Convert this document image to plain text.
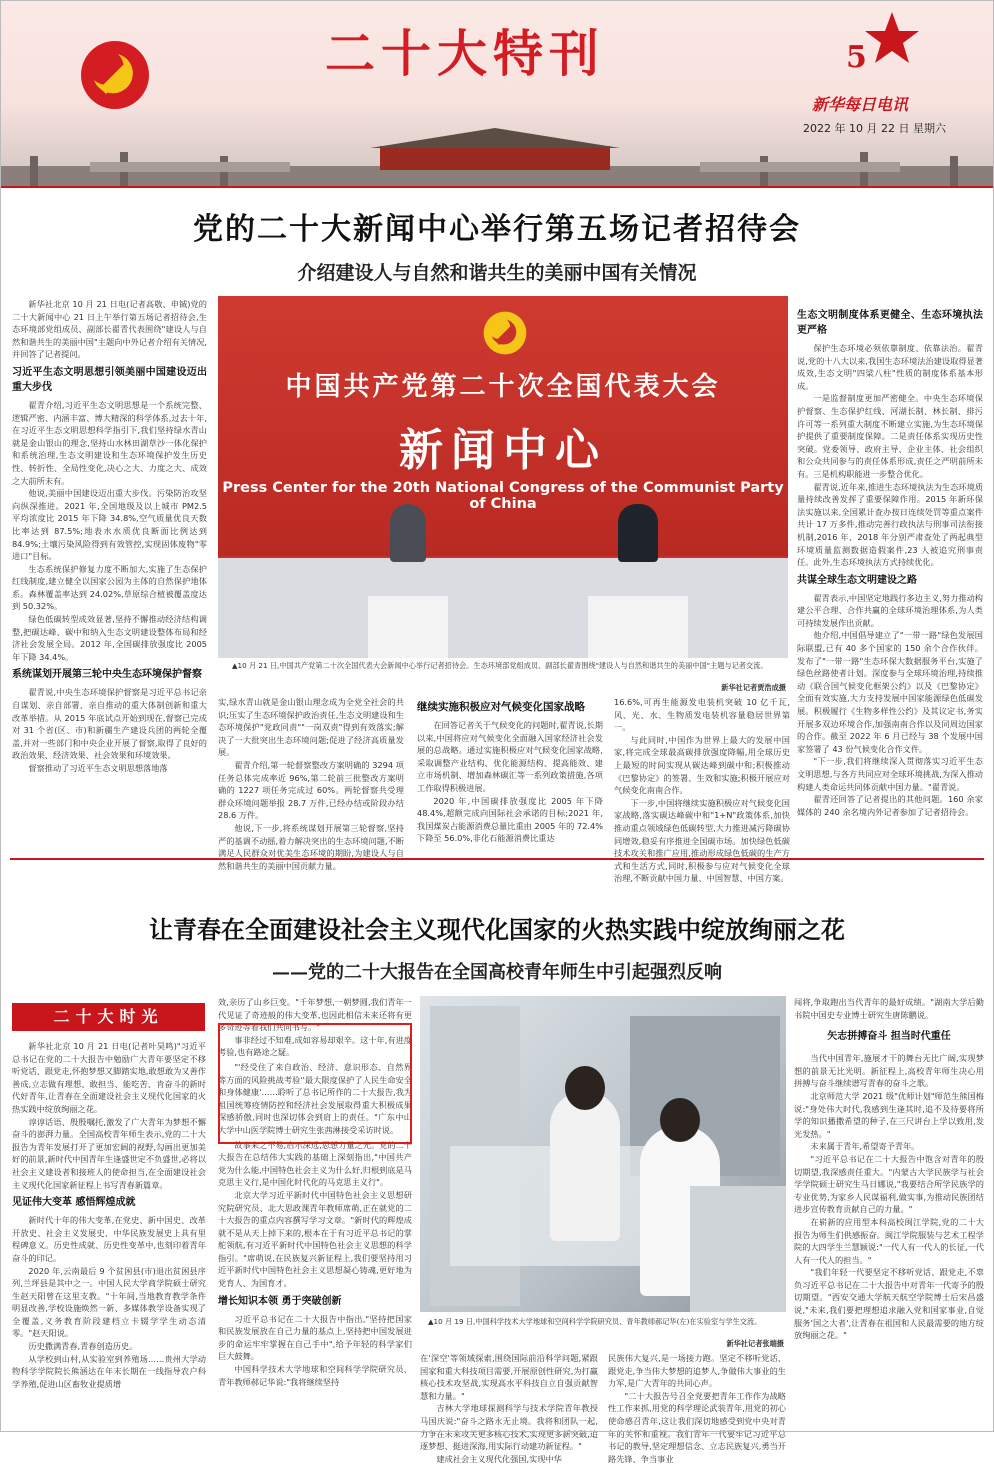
二十大特刊	5
新华每日电讯
2022 年 10 月 22 日 星期六
党的二十大新闻中心举行第五场记者招待会
介绍建设人与自然和谐共生的美丽中国有关情况

新华社北京 10 月 21 日电(记者高敬、申铖)党的二十大新闻中心 21 日上午举行第五场记者招待会,生态环境部党组成员、副部长翟青代表围绕"建设人与自然和谐共生的美丽中国"主题向中外记者介绍有关情况,并回答了记者提问。

习近平生态文明思想引领美丽中国建设迈出重大步伐

翟青介绍,习近平生态文明思想是一个系统完整、逻辑严密、内涵丰富、博大精深的科学体系,过去十年,在习近平生态文明思想科学指引下,我们坚持绿水青山就是金山银山的理念,坚持山水林田湖草沙一体化保护和系统治理,生态文明建设和生态环境保护发生历史性、转折性、全局性变化,决心之大、力度之大、成效之大前所未有。

他说,美丽中国建设迈出重大步伐。污染防治攻坚向纵深推进。2021 年,全国地级及以上城市 PM2.5 平均浓度比 2015 年下降 34.8%,空气质量优良天数比率达到 87.5%;地表水水质优良断面比例达到 84.9%;土壤污染风险得到有效管控,实现固体废物"零进口"目标。

生态系统保护修复力度不断加大,实施了生态保护红线制度,建立健全以国家公园为主体的自然保护地体系。森林覆盖率达到 24.02%,草原综合植被覆盖度达到 50.32%。

绿色低碳转型成效显著,坚持不懈推动经济结构调整,把碳达峰、碳中和纳入生态文明建设整体布局和经济社会发展全局。2012 年,全国碳排放强度比 2005 年下降 34.4%。

系统谋划开展第三轮中央生态环境保护督察

翟青说,中央生态环境保护督察是习近平总书记亲自谋划、亲自部署、亲自推动的重大体制创新和重大改革举措。从 2015 年底试点开始到现在,督察已完成对 31 个省(区、市)和新疆生产建设兵团的两轮全覆盖,并对一些部门和中央企业开展了督察,取得了良好的政治效果、经济效果、社会效果和环境效果。

督察推动了习近平生态文明思想落地落

中国共产党第二十次全国代表大会
新闻中心
Press Center for the 20th National Congress of the Communist Party of China
▲10 月 21 日,中国共产党第二十次全国代表大会新闻中心举行记者招待会。生态环境部党组成员、副部长翟青围绕"建设人与自然和谐共生的美丽中国"主题与记者交流。
新华社记者贾浩成摄

实,绿水青山就是金山银山理念成为全党全社会的共识;压实了生态环境保护政治责任,生态文明建设和生态环境保护"党政同责""一岗双责"得到有效落实;解决了一大批突出生态环境问题;促进了经济高质量发展。

翟青介绍,第一轮督察整改方案明确的 3294 项任务总体完成率近 96%,第二轮前三批整改方案明确的 1227 项任务完成过 60%。两轮督察共受理群众环境问题举报 28.7 万件,已经办结或阶段办结 28.6 万件。

他说,下一步,将系统谋划开展第三轮督察,坚持严的基调不动摇,着力解决突出的生态环境问题,不断满足人民群众对优美生态环境的期盼,为建设人与自然和谐共生的美丽中国贡献力量。

继续实施积极应对气候变化国家战略

在回答记者关于气候变化的问题时,翟青说,长期以来,中国将应对气候变化全面融入国家经济社会发展的总战略。通过实施积极应对气候变化国家战略,采取调整产业结构、优化能源结构、提高能效、建立市场机制、增加森林碳汇等一系列政策措施,各项工作取得积极进展。

2020 年,中国碳排放强度比 2005 年下降 48.4%,超额完成向国际社会承诺的目标;2021 年,我国煤炭占能源消费总量比重由 2005 年的 72.4% 下降至 56.0%,非化石能源消费比重达

16.6%,可再生能源发电装机突破 10 亿千瓦,风、光、水、生物质发电装机容量稳居世界第一。

与此同时,中国作为世界上最大的发展中国家,将完成全球最高碳排放强度降幅,用全球历史上最短的时间实现从碳达峰到碳中和;积极推动《巴黎协定》的签署、生效和实施;积极开展应对气候变化南南合作。

下一步,中国将继续实施积极应对气候变化国家战略,落实碳达峰碳中和"1+N"政策体系,加快推动重点领域绿色低碳转型,大力推进减污降碳协同增效,稳妥有序推进全国碳市场。加快绿色低碳技术攻关和推广应用,推动形成绿色低碳的生产方式和生活方式,同时,积极参与应对气候变化全球治理,不断贡献中国力量、中国智慧、中国方案。

生态文明制度体系更健全、生态环境执法更严格

保护生态环境必须依靠制度、依靠法治。翟青说,党的十八大以来,我国生态环境法治建设取得显著成效,生态文明"四梁八柱"性质的制度体系基本形成。

一是监督制度更加严密健全。中央生态环境保护督察、生态保护红线、河湖长制、林长制、排污许可等一系列重大制度不断建立实施,为生态环境保护提供了重要制度保障。二是责任体系实现历史性突破。党委领导、政府主导、企业主体、社会组织和公众共同参与的责任体系形成,责任之严明前所未有。三是机构职能进一步整合优化。

翟青说,近年来,推进生态环境执法为生态环境质量持续改善发挥了重要保障作用。2015 年新环保法实施以来,全国累计查办按日连续处罚等重点案件共计 17 万多件,推动完善行政执法与刑事司法衔接机制,2016 年、2018 年分别严肃查处了两起典型环境质量监测数据造假案件,23 人被追究刑事责任。此外,生态环境执法方式持续优化。

共谋全球生态文明建设之路

翟青表示,中国坚定地践行多边主义,努力推动构建公平合理、合作共赢的全球环境治理体系,为人类可持续发展作出贡献。

他介绍,中国倡导建立了"一带一路"绿色发展国际联盟,已有 40 多个国家的 150 余个合作伙伴。发布了"一带一路"生态环保大数据服务平台,实施了绿色丝路使者计划。深度参与全球环境治理,持续推动《联合国气候变化框架公约》以及《巴黎协定》全面有效实施,大力支持发展中国家能源绿色低碳发展。积极履行《生物多样性公约》及其议定书,务实开展多双边环境合作,加强南南合作以及同周边国家的合作。截至 2022 年 6 月已经与 38 个发展中国家签署了 43 份气候变化合作文件。

"下一步,我们将继续深入贯彻落实习近平生态文明思想,与各方共同应对全球环境挑战,为深入推动构建人类命运共同体贡献中国力量。"翟青说。

翟青还回答了记者提出的其他问题。160 余家媒体的 240 余名境内外记者参加了记者招待会。

让青春在全面建设社会主义现代化国家的火热实践中绽放绚丽之花
——党的二十大报告在全国高校青年师生中引起强烈反响
二十大时光

新华社北京 10 月 21 日电(记者叶昊鸣)"习近平总书记在党的二十大报告中勉励广大青年要坚定不移听党话、跟党走,怀抱梦想又脚踏实地,敢想敢为又善作善成,立志做有理想、敢担当、能吃苦、肯奋斗的新时代好青年,让青春在全面建设社会主义现代化国家的火热实践中绽放绚丽之花。

谆谆话语、殷殷嘱托,激发了广大青年为梦想不懈奋斗的澎湃力量。全国高校青年师生表示,党的二十大报告为青年发展打开了更加宏阔的视野,勾画出更加美好的前景,新时代中国青年生逢盛世定不负盛世,必将以社会主义建设者和接班人的使命担当,在全面建设社会主义现代化国家新征程上书写青春新篇章。

见证伟大变革 感悟辉煌成就

新时代十年的伟大变革,在党史、新中国史、改革开放史、社会主义发展史、中华民族发展史上具有里程碑意义。历史性成就、历史性变革中,也刻印着青年奋斗的印记。

2020 年,云南最后 9 个贫困县(市)退出贫困县序列,兰坪县是其中之一。中国人民大学商学院硕士研究生赵天阳曾在这里支教。"十年间,当地教育教学条件明显改善,学校设施焕然一新、多媒体教学设备实现了全覆盖,义务教育阶段建档立卡辍学学生动态清零。"赵天阳说。

历史撒满青春,青春创造历史。

从学校到山村,从实验室到养殖场……贵州大学动物科学学院院长熊涵达在年末长期在一线指导农户科学养殖,促进山区畜牧业提质增

效,亲历了山乡巨变。"千年梦想,一朝梦圆,我们青年一代见证了奇迹般的伟大变革,也因此相信未来还将有更多奇迹等着我们共同书写。"

事非经过不知难,成如容易却艰辛。这十年,有进度考验,也有路途之疑。

"'经受住了来自政治、经济、意识形态、自然界等方面的风险挑战考验''最大限度保护了人民生命安全和身体健康'……聆听了总书记所作的二十大报告,我为祖国统筹疫情防控和经济社会发展取得重大积极成果深感骄傲,同时也深切体会到肩上的责任。"广东中山大学中山医学院博士研究生张茜淋接受采访时说。

故事来之不易,启示深远,思想力量之光。党的二十大报告在总结伟大实践的基础上深刻指出,"中国共产党为什么能,中国特色社会主义为什么好,归根到底是马克思主义行,是中国化时代化的马克思主义行"。

北京大学习近平新时代中国特色社会主义思想研究院研究员、北大思政课青年教师席萌,正在就党的二十大报告的重点内容撰写学习文章。"新时代的辉煌成就不是从天上掉下来的,根本在于有习近平总书记的掌舵领航,有习近平新时代中国特色社会主义思想的科学指引。"席萌说,在民族复兴新征程上,我们要坚持用习近平新时代中国特色社会主义思想凝心铸魂,更好地为党育人、为国育才。

增长知识本领 勇于突破创新

习近平总书记在二十大报告中指出,"坚持把国家和民族发展放在自己力量的基点上,坚持把中国发展进步的命运牢牢掌握在自己手中",给予年轻的科学家们巨大鼓舞。

中国科学技术大学地球和空间科学学院研究员、青年教师郝记华说:"我将继续坚持

▲10 月 19 日,中国科学技术大学地球和空间科学学院研究员、青年教师郝记华(左)在实验室与学生交流。
新华社记者张端摄

在'深空'等领域探索,围绕国际前沿科学问题,紧跟国家和重大科技项目需要,开展原创性研究,为打赢核心技术攻坚战,实现高水平科技自立自强贡献智慧和力量。"

吉林大学地球探测科学与技术学院青年教授马国庆说:"奋斗之路永无止境。我将和团队一起,力争在未来攻关更多核心技术,实现更多新突破,追逐梦想、挺进深海,用实际行动建功新征程。"

建成社会主义现代化强国,实现中华

民族伟大复兴,是一场接力跑。坚定不移听党话、跟党走,争当伟大梦想的追梦人,争做伟大事业的生力军,是广大青年的共同心声。

"二十大报告号召全党要把青年工作作为战略性工作来抓,用党的科学理论武装青年,用党的初心使命感召青年,这让我们深切地感受到党中央对青年的关怀和重视。我们青年一代要牢记习近平总书记的教导,坚定理想信念、立志民族复兴,勇当开路先锋、争当事业

闯将,争取跑出当代青年的最好成绩。"湖南大学后勤书院中国史专业博士研究生唐陈鹏说。

矢志拼搏奋斗 担当时代重任

当代中国青年,施展才干的舞台无比广阔,实现梦想的前景无比光明。新征程上,高校青年师生决心用拼搏与奋斗继续谱写青春的奋斗之歌。

北京师范大学 2021 级"优师计划"师范生熊国梅说:"身处伟大时代,我感到生逢其时,追不及待要将所学的知识播撒希望的种子,在三尺讲台上学以致用,发光发热。"

未来属于青年,希望寄予青年。

"习近平总书记在二十大报告中饱含对青年的殷切期望,我深感责任重大。"内蒙古大学民族学与社会学学院硕士研究生马日娜说,"我要结合所学民族学的专业优势,为家乡人民谋福利,做实事,为推动民族团结进步宣传教育贡献自己的力量。"

在崭新的应用型本科高校闽江学院,党的二十大报告为师生们供感振奋。闽江学院服装与艺术工程学院的大四学生兰慧颖说:"一代人有一代人的长征,一代人有一代人的担当。"

"我们年轻一代要坚定不移听党话、跟党走,不辜负习近平总书记在二十大报告中对青年一代寄予的殷切期望。"西安交通大学航天航空学院博士后宋昌盛说,"未来,我们要把理想追求融入党和国家事业,自觉服务'国之大者',让青春在祖国和人民最需要的地方绽放绚丽之花。"
